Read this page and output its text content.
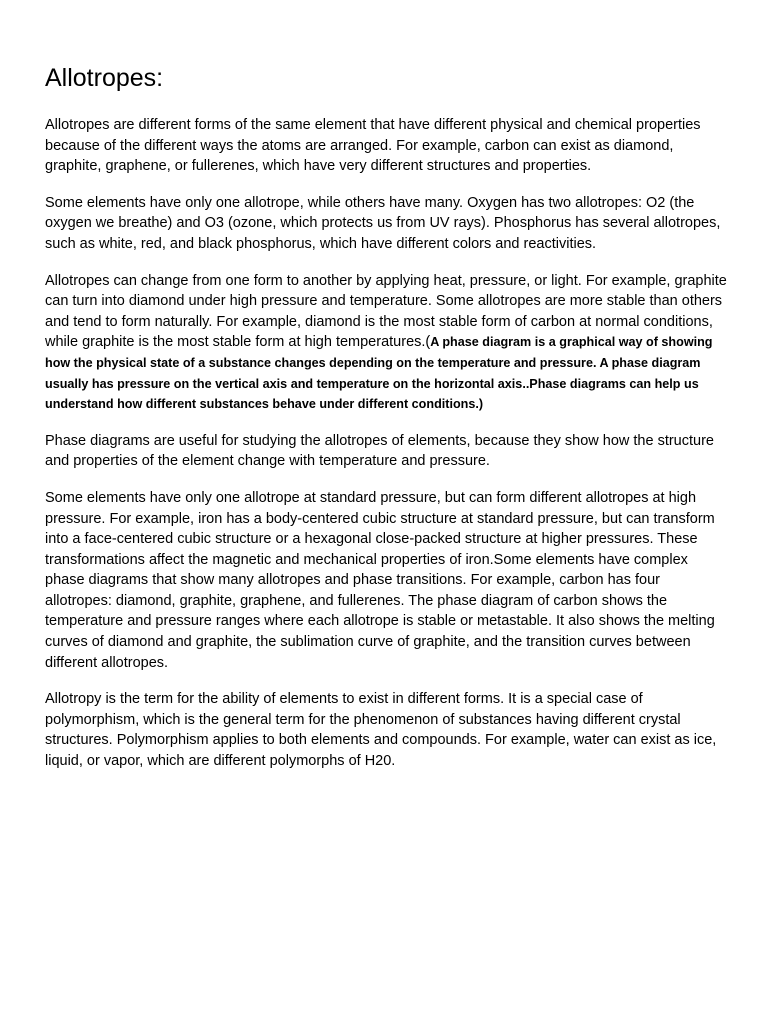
Allotropes:

Allotropes are different forms of the same element that have different physical and chemical properties because of the different ways the atoms are arranged. For example, carbon can exist as diamond, graphite, graphene, or fullerenes, which have very different structures and properties.

Some elements have only one allotrope, while others have many. Oxygen has two allotropes: O2 (the oxygen we breathe) and O3 (ozone, which protects us from UV rays). Phosphorus has several allotropes, such as white, red, and black phosphorus, which have different colors and reactivities.

Allotropes can change from one form to another by applying heat, pressure, or light. For example, graphite can turn into diamond under high pressure and temperature. Some allotropes are more stable than others and tend to form naturally. For example, diamond is the most stable form of carbon at normal conditions, while graphite is the most stable form at high temperatures.(A phase diagram is a graphical way of showing how the physical state of a substance changes depending on the temperature and pressure. A phase diagram usually has pressure on the vertical axis and temperature on the horizontal axis..Phase diagrams can help us understand how different substances behave under different conditions.)

Phase diagrams are useful for studying the allotropes of elements, because they show how the structure and properties of the element change with temperature and pressure.

Some elements have only one allotrope at standard pressure, but can form different allotropes at high pressure. For example, iron has a body-centered cubic structure at standard pressure, but can transform into a face-centered cubic structure or a hexagonal close-packed structure at higher pressures. These transformations affect the magnetic and mechanical properties of iron.Some elements have complex phase diagrams that show many allotropes and phase transitions. For example, carbon has four allotropes: diamond, graphite, graphene, and fullerenes. The phase diagram of carbon shows the temperature and pressure ranges where each allotrope is stable or metastable. It also shows the melting curves of diamond and graphite, the sublimation curve of graphite, and the transition curves between different allotropes.

Allotropy is the term for the ability of elements to exist in different forms. It is a special case of polymorphism, which is the general term for the phenomenon of substances having different crystal structures. Polymorphism applies to both elements and compounds. For example, water can exist as ice, liquid, or vapor, which are different polymorphs of H20.
